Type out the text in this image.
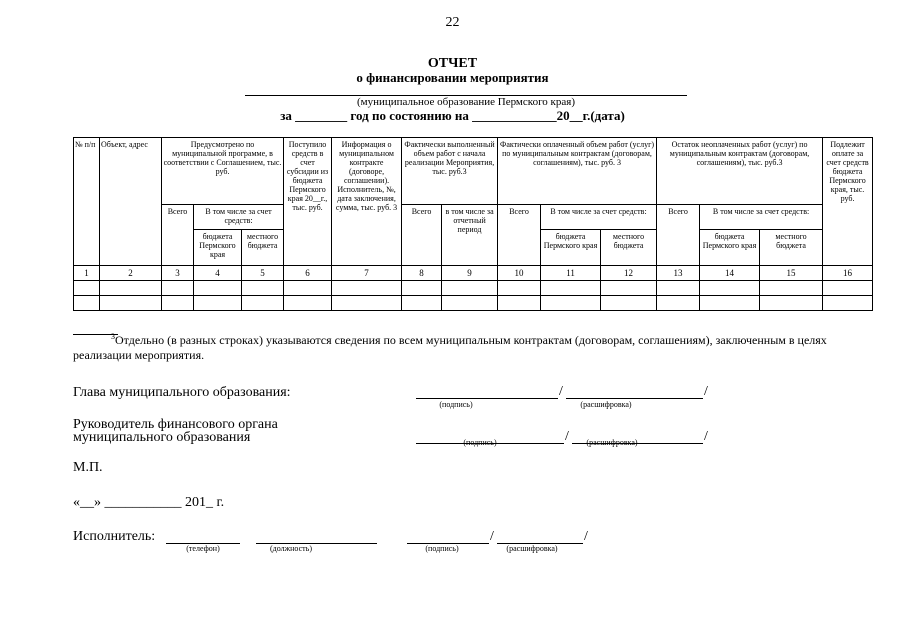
22
ОТЧЕТ
о финансировании мероприятия
(муниципальное образование Пермского края)
за ________ год по состоянию на _____________20__г.(дата)
№ п/п	Объект, адрес	Предусмотрено по муниципальной программе, в соответствии с Соглашением, тыс. руб.			Поступило средств в счет субсидии из бюджета Пермского края 20__г., тыс. руб.	Информация о муниципальном контракте (договоре, соглашении). Исполнитель, №, дата заключения, сумма, тыс. руб. 3	Фактически выполненный объем работ с начала реализации Мероприятия, тыс. руб.3		Фактически оплаченный объем работ (услуг) по муниципальным контрактам (договорам, соглашениям), тыс. руб. 3			Остаток неоплаченных работ (услуг) по муниципальным контрактам (договорам, соглашениям), тыс. руб.3			Подлежит оплате за счет средств бюджета Пермского края, тыс. руб.
		Всего	В том числе за счет средств:				Всего	в том числе за отчетный период	Всего	В том числе за счет средств:		Всего	В том числе за счет средств:		
			бюджета Пермского края	местного бюджета						бюджета Пермского края	местного бюджета		бюджета Пермского края	местного бюджета	
1	2	3	4	5	6	7	8	9	10	11	12	13	14	15	16

$^3$Отдельно (в разных строках) указываются сведения по всем муниципальным контрактам (договорам, соглашениям), заключенным в целях реализации мероприятия.
Глава муниципального образования:	/	/
(подпись)	(расшифровка)
Руководитель финансового органа
муниципального образования	/	/
(подпись)	(расшифровка)
М.П.
«__» ___________ 201_ г.
Исполнитель:
(телефон)	(должность)
/	/
(подпись)	(расшифровка)
